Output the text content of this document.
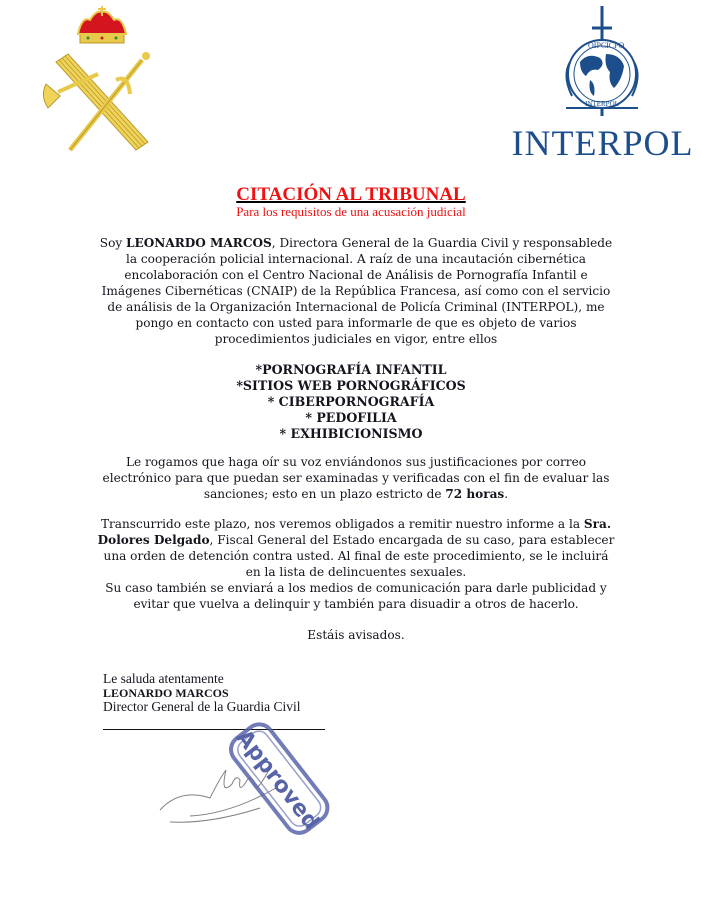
OIPC ICPO
INTERPOL
INTERPOL
CITACIÓN AL TRIBUNAL
Para los requisitos de una acusación judicial
Soy LEONARDO MARCOS, Directora General de la Guardia Civil y responsablede la cooperación policial internacional. A raíz de una incautación cibernética encolaboración con el Centro Nacional de Análisis de Pornografía Infantil e Imágenes Cibernéticas (CNAIP) de la República Francesa, así como con el servicio de análisis de la Organización Internacional de Policía Criminal (INTERPOL), me pongo en contacto con usted para informarle de que es objeto de varios procedimientos judiciales en vigor, entre ellos
*PORNOGRAFÍA INFANTIL
*SITIOS WEB PORNOGRÁFICOS
* CIBERPORNOGRAFÍA
* PEDOFILIA
* EXHIBICIONISMO
Le rogamos que haga oír su voz enviándonos sus justificaciones por correo electrónico para que puedan ser examinadas y verificadas con el fin de evaluar las sanciones; esto en un plazo estricto de 72 horas.
Transcurrido este plazo, nos veremos obligados a remitir nuestro informe a la Sra. Dolores Delgado, Fiscal General del Estado encargada de su caso, para establecer una orden de detención contra usted. Al final de este procedimiento, se le incluirá en la lista de delincuentes sexuales.
Su caso también se enviará a los medios de comunicación para darle publicidad y evitar que vuelva a delinquir y también para disuadir a otros de hacerlo.
Estáis avisados.
Le saluda atentamente
LEONARDO MARCOS
Director General de la Guardia Civil
Approved
